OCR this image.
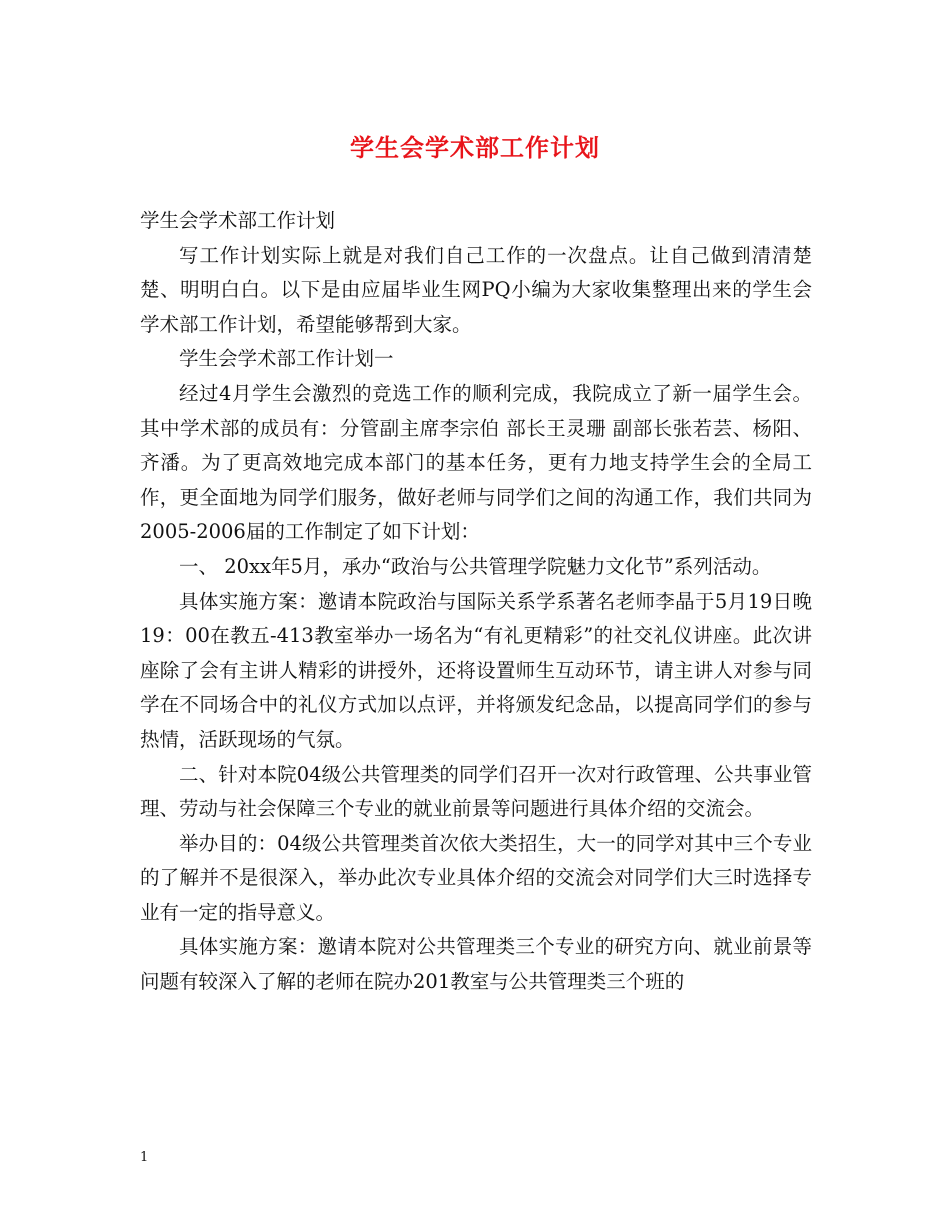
学生会学术部工作计划

学生会学术部工作计划

写工作计划实际上就是对我们自己工作的一次盘点。让自己做到清清楚楚、明明白白。以下是由应届毕业生网PQ小编为大家收集整理出来的学生会学术部工作计划，希望能够帮到大家。

学生会学术部工作计划一

经过4月学生会激烈的竞选工作的顺利完成，我院成立了新一届学生会。其中学术部的成员有：分管副主席李宗伯 部长王灵珊 副部长张若芸、杨阳、齐潘。为了更高效地完成本部门的基本任务，更有力地支持学生会的全局工作，更全面地为同学们服务，做好老师与同学们之间的沟通工作，我们共同为2005-2006届的工作制定了如下计划：

一、 20xx年5月，承办“政治与公共管理学院魅力文化节”系列活动。

具体实施方案：邀请本院政治与国际关系学系著名老师李晶于5月19日晚19：00在教五-413教室举办一场名为“有礼更精彩”的社交礼仪讲座。此次讲座除了会有主讲人精彩的讲授外，还将设置师生互动环节，请主讲人对参与同学在不同场合中的礼仪方式加以点评，并将颁发纪念品，以提高同学们的参与热情，活跃现场的气氛。

二、针对本院04级公共管理类的同学们召开一次对行政管理、公共事业管理、劳动与社会保障三个专业的就业前景等问题进行具体介绍的交流会。

举办目的：04级公共管理类首次依大类招生，大一的同学对其中三个专业的了解并不是很深入，举办此次专业具体介绍的交流会对同学们大三时选择专业有一定的指导意义。

具体实施方案：邀请本院对公共管理类三个专业的研究方向、就业前景等问题有较深入了解的老师在院办201教室与公共管理类三个班的

1
